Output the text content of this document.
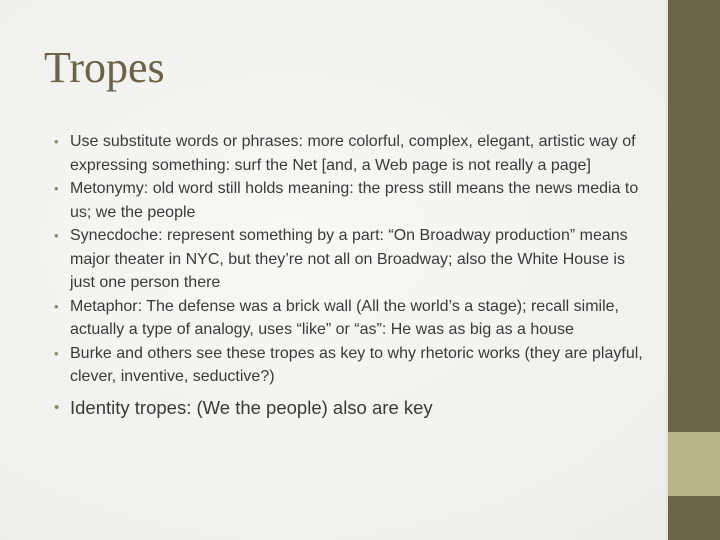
Tropes
• Use substitute words or phrases: more colorful, complex, elegant, artistic way of expressing something: surf the Net [and, a Web page is not really a page]
• Metonymy: old word still holds meaning: the press still means the news media to us; we the people
• Synecdoche: represent something by a part: “On Broadway production” means major theater in NYC, but they’re not all on Broadway; also the White House is just one person there
• Metaphor: The defense was a brick wall (All the world’s a stage); recall simile, actually a type of analogy, uses “like” or “as”: He was as big as a house
• Burke and others see these tropes as key to why rhetoric works (they are playful, clever, inventive, seductive?)
• Identity tropes: (We the people) also are key
